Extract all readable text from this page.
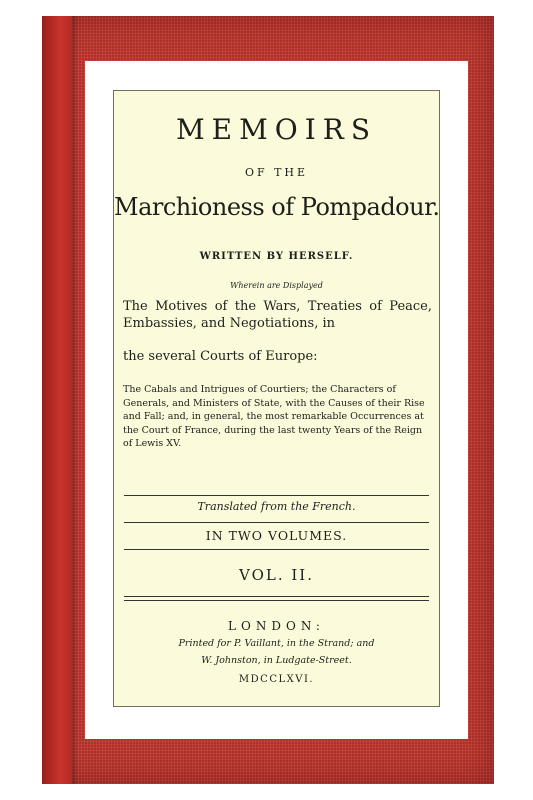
MEMOIRS
OF THE
Marchioness of Pompadour.
WRITTEN BY HERSELF.
Wherein are Displayed
The Motives of the Wars, Treaties of Peace, Embassies, and Negotiations, in
the several Courts of Europe:
The Cabals and Intrigues of Courtiers; the Characters of Generals, and Ministers of State, with the Causes of their Rise and Fall; and, in general, the most remarkable Occurrences at the Court of France, during the last twenty Years of the Reign of Lewis XV.
Translated from the French.
IN TWO VOLUMES.
VOL. II.
LONDON:
Printed for P. Vaillant, in the Strand; and
W. Johnston, in Ludgate-Street.
MDCCLXVI.
